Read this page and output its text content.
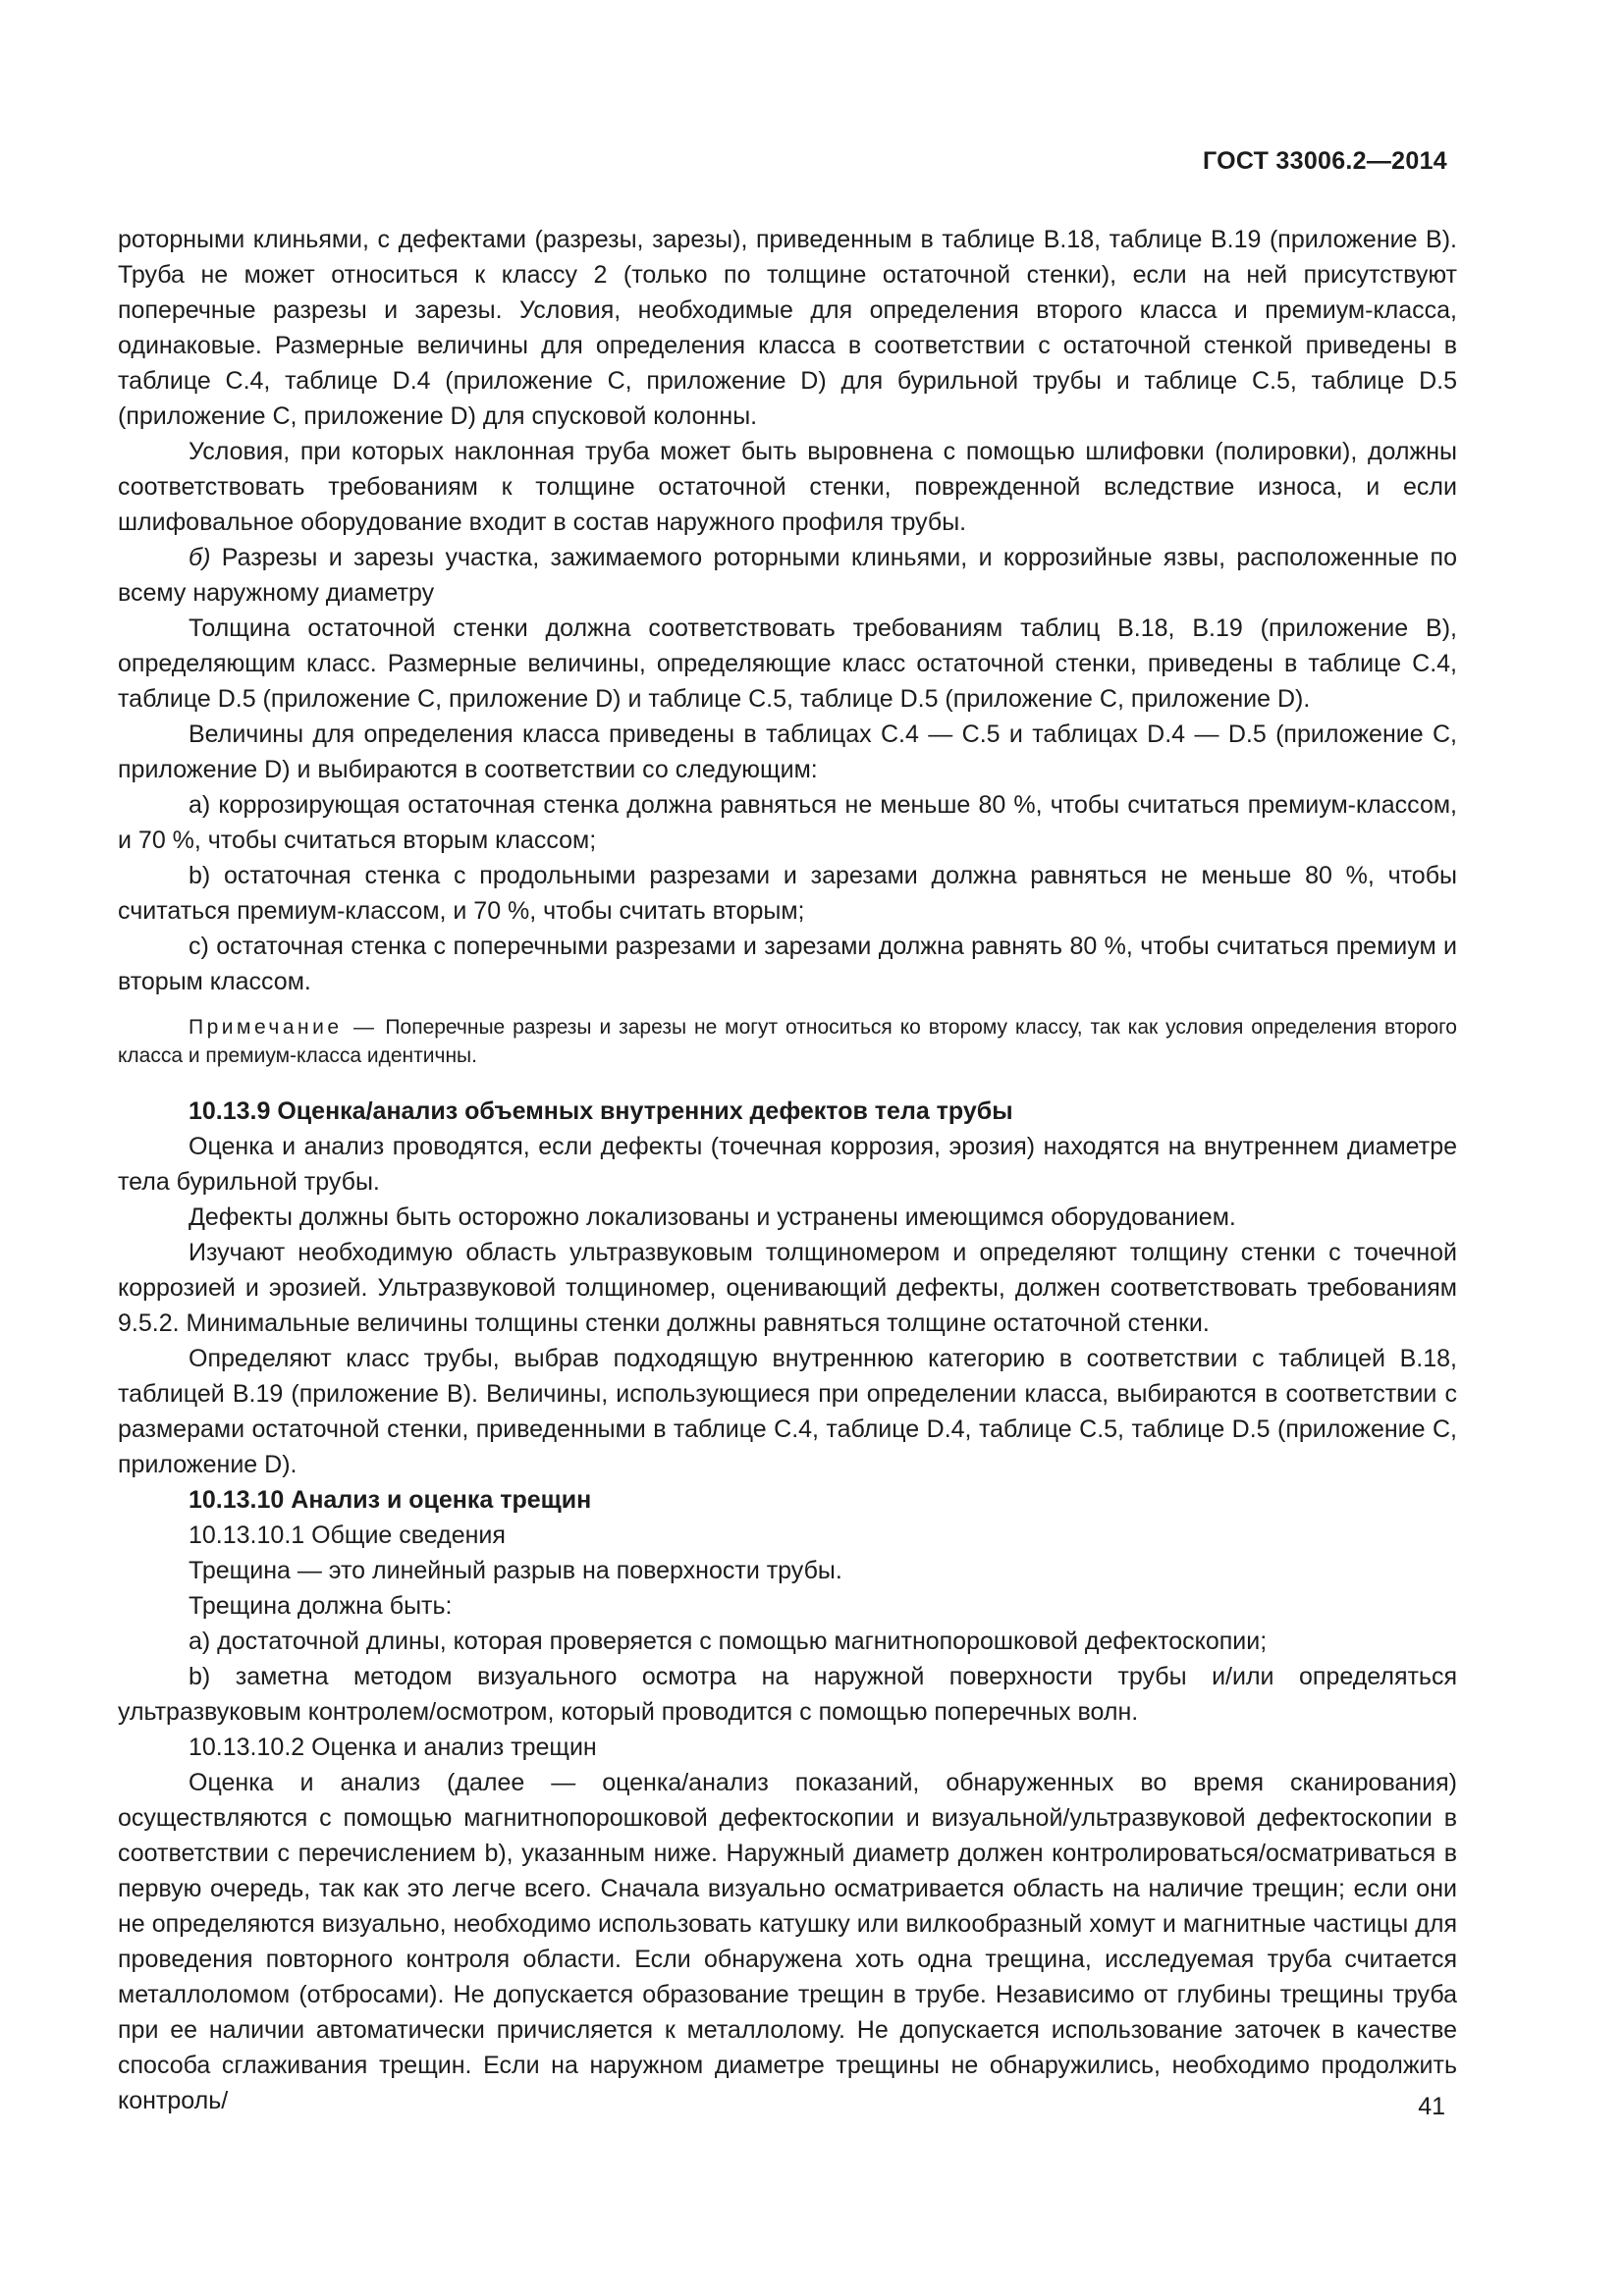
ГОСТ 33006.2—2014

роторными клиньями, с дефектами (разрезы, зарезы), приведенным в таблице В.18, таблице В.19 (приложение В). Труба не может относиться к классу 2 (только по толщине остаточной стенки), если на ней присутствуют поперечные разрезы и зарезы. Условия, необходимые для определения второго класса и премиум-класса, одинаковые. Размерные величины для определения класса в соответствии с остаточной стенкой приведены в таблице С.4, таблице D.4 (приложение С, приложение D) для бурильной трубы и таблице С.5, таблице D.5 (приложение С, приложение D) для спусковой колонны.

Условия, при которых наклонная труба может быть выровнена с помощью шлифовки (полировки), должны соответствовать требованиям к толщине остаточной стенки, поврежденной вследствие износа, и если шлифовальное оборудование входит в состав наружного профиля трубы.

б) Разрезы и зарезы участка, зажимаемого роторными клиньями, и коррозийные язвы, расположенные по всему наружному диаметру

Толщина остаточной стенки должна соответствовать требованиям таблиц В.18, В.19 (приложение В), определяющим класс. Размерные величины, определяющие класс остаточной стенки, приведены в таблице С.4, таблице D.5 (приложение С, приложение D) и таблице С.5, таблице D.5 (приложение С, приложение D).

Величины для определения класса приведены в таблицах С.4 — С.5 и таблицах D.4 — D.5 (приложение С, приложение D) и выбираются в соответствии со следующим:

а) коррозирующая остаточная стенка должна равняться не меньше 80 %, чтобы считаться премиум-классом, и 70 %, чтобы считаться вторым классом;

b) остаточная стенка с продольными разрезами и зарезами должна равняться не меньше 80 %, чтобы считаться премиум-классом, и 70 %, чтобы считать вторым;

с) остаточная стенка с поперечными разрезами и зарезами должна равнять 80 %, чтобы считаться премиум и вторым классом.

Примечание — Поперечные разрезы и зарезы не могут относиться ко второму классу, так как условия определения второго класса и премиум-класса идентичны.

10.13.9 Оценка/анализ объемных внутренних дефектов тела трубы

Оценка и анализ проводятся, если дефекты (точечная коррозия, эрозия) находятся на внутреннем диаметре тела бурильной трубы.

Дефекты должны быть осторожно локализованы и устранены имеющимся оборудованием.

Изучают необходимую область ультразвуковым толщиномером и определяют толщину стенки с точечной коррозией и эрозией. Ультразвуковой толщиномер, оценивающий дефекты, должен соответствовать требованиям 9.5.2. Минимальные величины толщины стенки должны равняться толщине остаточной стенки.

Определяют класс трубы, выбрав подходящую внутреннюю категорию в соответствии с таблицей В.18, таблицей В.19 (приложение В). Величины, использующиеся при определении класса, выбираются в соответствии с размерами остаточной стенки, приведенными в таблице С.4, таблице D.4, таблице С.5, таблице D.5 (приложение С, приложение D).

10.13.10 Анализ и оценка трещин

10.13.10.1 Общие сведения

Трещина — это линейный разрыв на поверхности трубы.

Трещина должна быть:

а) достаточной длины, которая проверяется с помощью магнитнопорошковой дефектоскопии;

b) заметна методом визуального осмотра на наружной поверхности трубы и/или определяться ультразвуковым контролем/осмотром, который проводится с помощью поперечных волн.

10.13.10.2 Оценка и анализ трещин

Оценка и анализ (далее — оценка/анализ показаний, обнаруженных во время сканирования) осуществляются с помощью магнитнопорошковой дефектоскопии и визуальной/ультразвуковой дефектоскопии в соответствии с перечислением b), указанным ниже. Наружный диаметр должен контролироваться/осматриваться в первую очередь, так как это легче всего. Сначала визуально осматривается область на наличие трещин; если они не определяются визуально, необходимо использовать катушку или вилкообразный хомут и магнитные частицы для проведения повторного контроля области. Если обнаружена хоть одна трещина, исследуемая труба считается металлоломом (отбросами). Не допускается образование трещин в трубе. Независимо от глубины трещины труба при ее наличии автоматически причисляется к металлолому. Не допускается использование заточек в качестве способа сглаживания трещин. Если на наружном диаметре трещины не обнаружились, необходимо продолжить контроль/	41
